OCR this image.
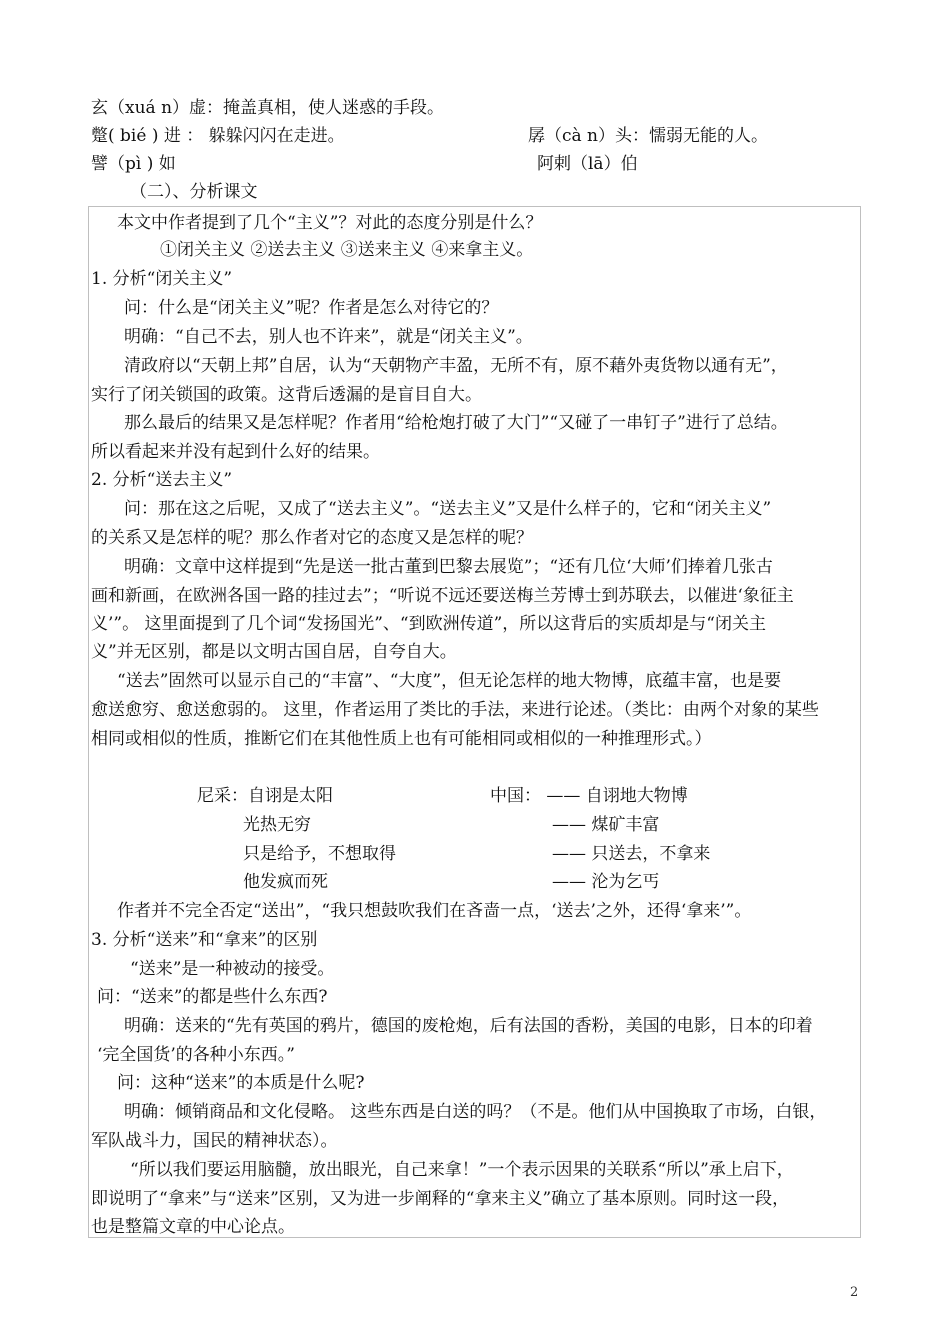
玄（xuá n）虚：掩盖真相，使人迷惑的手段。
蹩( bié ) 进 ： 躲躲闪闪在走进。	孱（cà n）头：懦弱无能的人。
譬（pì ) 如	阿剌（lā）伯
（二）、分析课文
本文中作者提到了几个“主义”？对此的态度分别是什么？
①闭关主义 ②送去主义 ③送来主义 ④来拿主义。
1. 分析“闭关主义”
问：什么是“闭关主义”呢？作者是怎么对待它的？
明确：“自己不去，别人也不许来”，就是“闭关主义”。
清政府以“天朝上邦”自居，认为“天朝物产丰盈，无所不有，原不藉外夷货物以通有无”，
实行了闭关锁国的政策。这背后透漏的是盲目自大。
那么最后的结果又是怎样呢？作者用“给枪炮打破了大门”“又碰了一串钉子”进行了总结。
所以看起来并没有起到什么好的结果。
2. 分析“送去主义”
问：那在这之后呢，又成了“送去主义”。“送去主义”又是什么样子的，它和“闭关主义”
的关系又是怎样的呢？那么作者对它的态度又是怎样的呢？
明确：文章中这样提到“先是送一批古董到巴黎去展览”；“还有几位‘大师’们捧着几张古
画和新画，在欧洲各国一路的挂过去”；“听说不远还要送梅兰芳博士到苏联去，以催进‘象征主
义’”。 这里面提到了几个词“发扬国光”、“到欧洲传道”，所以这背后的实质却是与“闭关主
义”并无区别，都是以文明古国自居，自夸自大。
“送去”固然可以显示自己的“丰富”、“大度”，但无论怎样的地大物博，底蕴丰富，也是要
愈送愈穷、愈送愈弱的。 这里，作者运用了类比的手法，来进行论述。（类比：由两个对象的某些
相同或相似的性质，推断它们在其他性质上也有可能相同或相似的一种推理形式。）
尼采：自诩是太阳	中国： —— 自诩地大物博
光热无穷	—— 煤矿丰富
只是给予，不想取得	—— 只送去，不拿来
他发疯而死	—— 沦为乞丐
作者并不完全否定“送出”，“我只想鼓吹我们在吝啬一点，‘送去’之外，还得‘拿来’”。
3. 分析“送来”和“拿来”的区别
“送来”是一种被动的接受。
问：“送来”的都是些什么东西?
明确：送来的“先有英国的鸦片，德国的废枪炮，后有法国的香粉，美国的电影，日本的印着
‘完全国货’的各种小东西。”
问：这种“送来”的本质是什么呢?
明确：倾销商品和文化侵略。 这些东西是白送的吗？（不是。他们从中国换取了市场，白银，
军队战斗力，国民的精神状态）。
“所以我们要运用脑髓，放出眼光，自己来拿！”一个表示因果的关联系“所以”承上启下，
即说明了“拿来”与“送来”区别，又为进一步阐释的“拿来主义”确立了基本原则。同时这一段，
也是整篇文章的中心论点。
2
